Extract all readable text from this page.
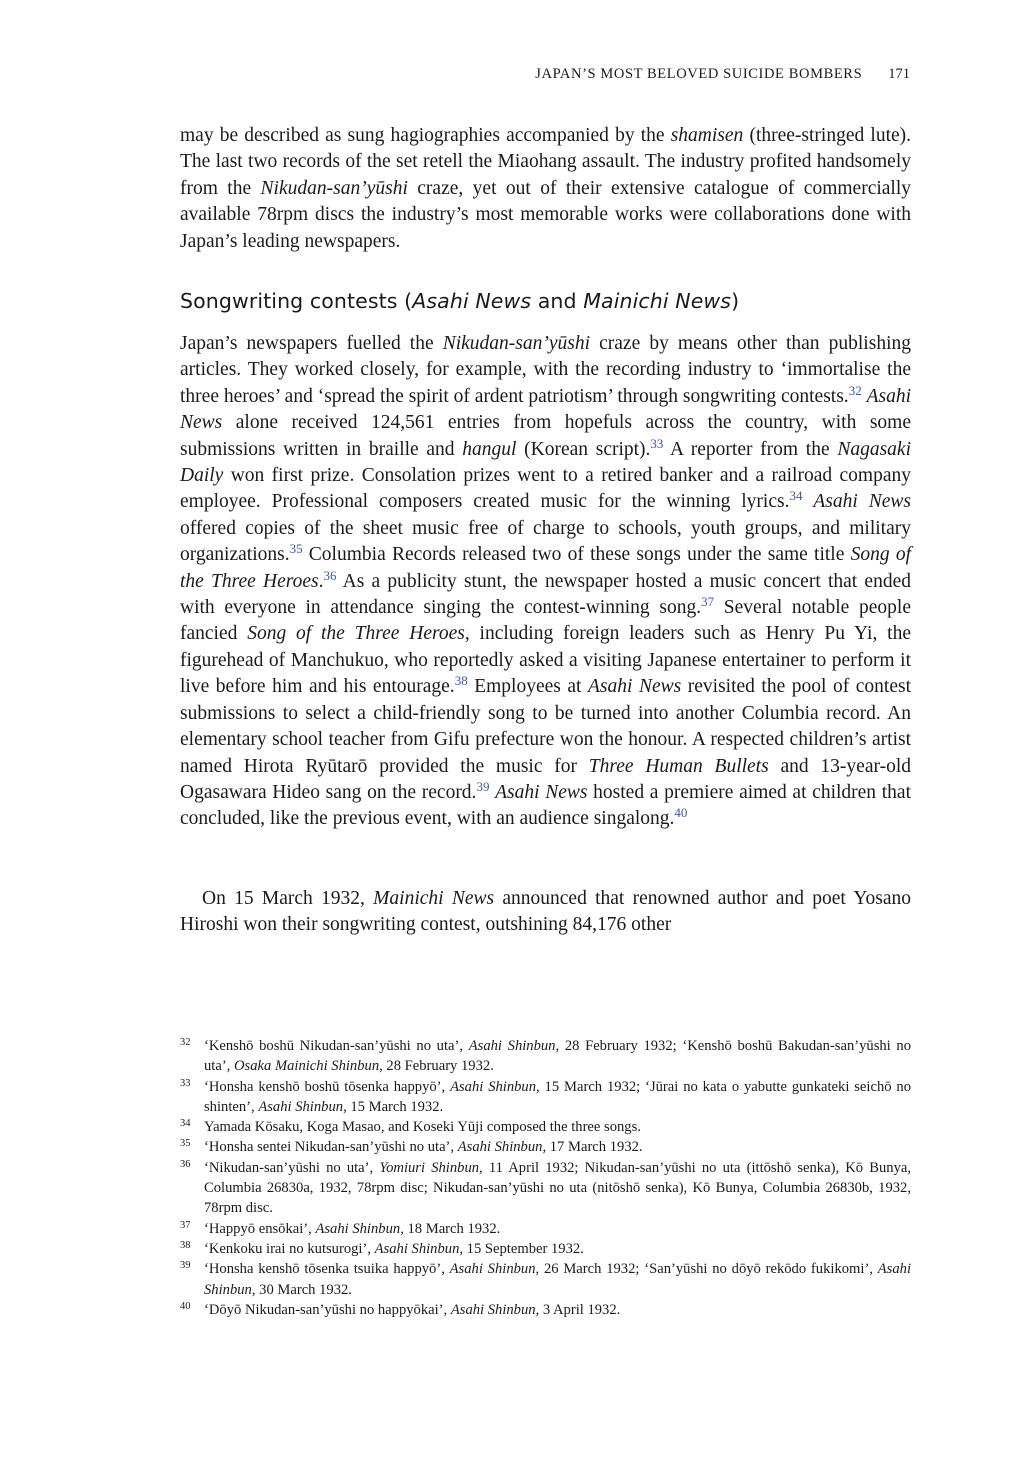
JAPAN’S MOST BELOVED SUICIDE BOMBERS 171

may be described as sung hagiographies accompanied by the shamisen (three-stringed lute). The last two records of the set retell the Miaohang assault. The industry profited handsomely from the Nikudan-san’yūshi craze, yet out of their extensive catalogue of commercially available 78rpm discs the industry’s most memorable works were collaborations done with Japan’s leading newspapers.

Songwriting contests (Asahi News and Mainichi News)

Japan’s newspapers fuelled the Nikudan-san’yūshi craze by means other than publishing articles. They worked closely, for example, with the recording industry to ‘immortalise the three heroes’ and ‘spread the spirit of ardent patriotism’ through songwriting contests.$^{32}$ Asahi News alone received 124,561 entries from hopefuls across the country, with some submissions written in braille and hangul (Korean script).$^{33}$ A reporter from the Nagasaki Daily won first prize. Consolation prizes went to a retired banker and a railroad company employee. Professional composers created music for the winning lyrics.$^{34}$ Asahi News offered copies of the sheet music free of charge to schools, youth groups, and military organizations.$^{35}$ Columbia Records released two of these songs under the same title Song of the Three Heroes.$^{36}$ As a publicity stunt, the newspaper hosted a music concert that ended with everyone in attendance singing the contest-winning song.$^{37}$ Several notable people fancied Song of the Three Heroes, including foreign leaders such as Henry Pu Yi, the figurehead of Manchukuo, who reportedly asked a visiting Japanese entertainer to perform it live before him and his entourage.$^{38}$ Employees at Asahi News revisited the pool of contest submissions to select a child-friendly song to be turned into another Columbia record. An elementary school teacher from Gifu prefecture won the honour. A respected children’s artist named Hirota Ryūtarō provided the music for Three Human Bullets and 13-year-old Ogasawara Hideo sang on the record.$^{39}$ Asahi News hosted a premiere aimed at children that concluded, like the previous event, with an audience singalong.$^{40}$

On 15 March 1932, Mainichi News announced that renowned author and poet Yosano Hiroshi won their songwriting contest, outshining 84,176 other

32 ‘Kenshō boshū Nikudan-san’yūshi no uta’, Asahi Shinbun, 28 February 1932; ‘Kenshō boshū Bakudan-san’yūshi no uta’, Osaka Mainichi Shinbun, 28 February 1932.
33 ‘Honsha kenshō boshū tōsenka happyō’, Asahi Shinbun, 15 March 1932; ‘Jūrai no kata o yabutte gunkateki seichō no shinten’, Asahi Shinbun, 15 March 1932.
34 Yamada Kōsaku, Koga Masao, and Koseki Yūji composed the three songs.
35 ‘Honsha sentei Nikudan-san’yūshi no uta’, Asahi Shinbun, 17 March 1932.
36 ‘Nikudan-san’yūshi no uta’, Yomiuri Shinbun, 11 April 1932; Nikudan-san’yūshi no uta (ittōshō senka), Kō Bunya, Columbia 26830a, 1932, 78rpm disc; Nikudan-san’yūshi no uta (nitōshō senka), Kō Bunya, Columbia 26830b, 1932, 78rpm disc.
37 ‘Happyō ensōkai’, Asahi Shinbun, 18 March 1932.
38 ‘Kenkoku irai no kutsurogi’, Asahi Shinbun, 15 September 1932.
39 ‘Honsha kenshō tōsenka tsuika happyō’, Asahi Shinbun, 26 March 1932; ‘San’yūshi no dōyō rekōdo fukikomi’, Asahi Shinbun, 30 March 1932.
40 ‘Dōyō Nikudan-san’yūshi no happyōkai’, Asahi Shinbun, 3 April 1932.
